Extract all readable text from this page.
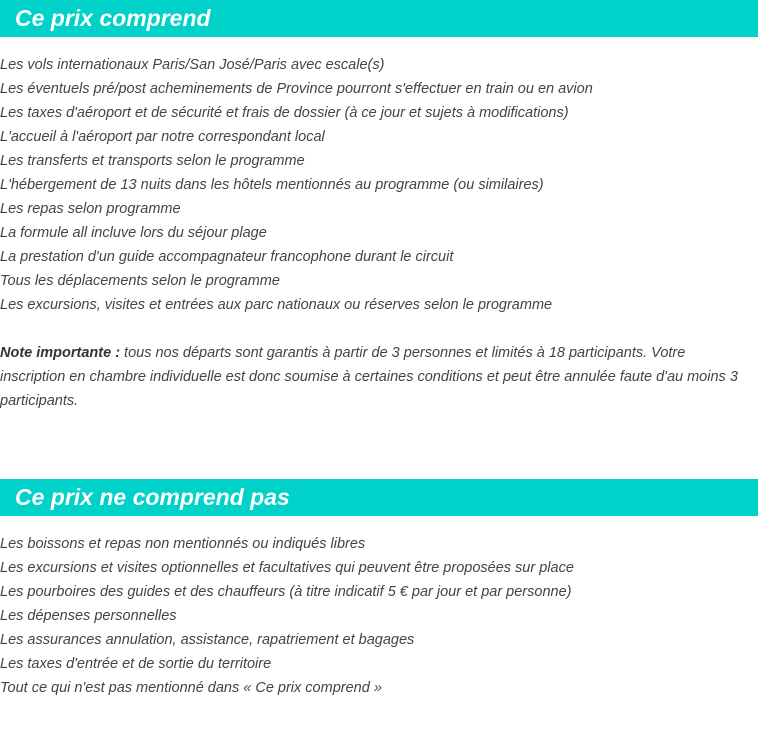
Ce prix comprend
Les vols internationaux Paris/San José/Paris avec escale(s)
Les éventuels pré/post acheminements de Province pourront s'effectuer en train ou en avion
Les taxes d'aéroport et de sécurité et frais de dossier (à ce jour et sujets à modifications)
L'accueil à l'aéroport par notre correspondant local
Les transferts et transports selon le programme
L'hébergement de 13 nuits dans les hôtels mentionnés au programme (ou similaires)
Les repas selon programme
La formule all incluve lors du séjour plage
La prestation d'un guide accompagnateur francophone durant le circuit
Tous les déplacements selon le programme
Les excursions, visites et entrées aux parc nationaux ou réserves selon le programme

Note importante : tous nos départs sont garantis à partir de 3 personnes et limités à 18 participants. Votre inscription en chambre individuelle est donc soumise à certaines conditions et peut être annulée faute d'au moins 3 participants.

Ce prix ne comprend pas
Les boissons et repas non mentionnés ou indiqués libres
Les excursions et visites optionnelles et facultatives qui peuvent être proposées sur place
Les pourboires des guides et des chauffeurs (à titre indicatif 5 € par jour et par personne)
Les dépenses personnelles
Les assurances annulation, assistance, rapatriement et bagages
Les taxes d'entrée et de sortie du territoire
Tout ce qui n'est pas mentionné dans « Ce prix comprend »
